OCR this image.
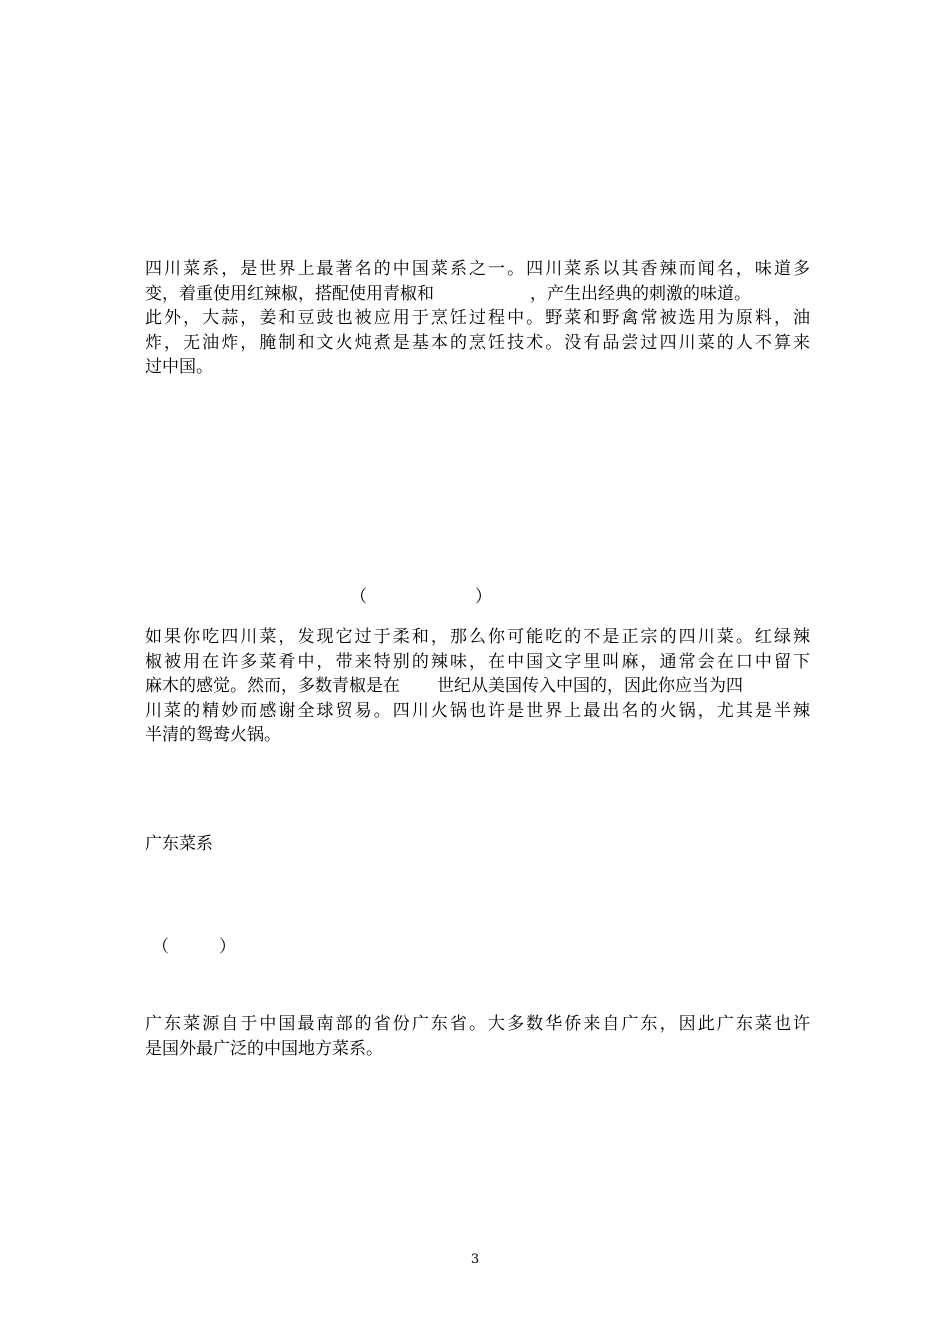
四川菜系，是世界上最著名的中国菜系之一。四川菜系以其香辣而闻名，味道多
变，着重使用红辣椒，搭配使用青椒和	，产生出经典的刺激的味道。
此外，大蒜，姜和豆豉也被应用于烹饪过程中。野菜和野禽常被选用为原料，油
炸，无油炸，腌制和文火炖煮是基本的烹饪技术。没有品尝过四川菜的人不算来
过中国。
（	）
如果你吃四川菜，发现它过于柔和，那么你可能吃的不是正宗的四川菜。红绿辣
椒被用在许多菜肴中，带来特别的辣味，在中国文字里叫麻，通常会在口中留下
麻木的感觉。然而，多数青椒是在 世纪从美国传入中国的，因此你应当为四
川菜的精妙而感谢全球贸易。四川火锅也许是世界上最出名的火锅，尤其是半辣
半清的鸳鸯火锅。
广东菜系
（	）
广东菜源自于中国最南部的省份广东省。大多数华侨来自广东，因此广东菜也许
是国外最广泛的中国地方菜系。
3
